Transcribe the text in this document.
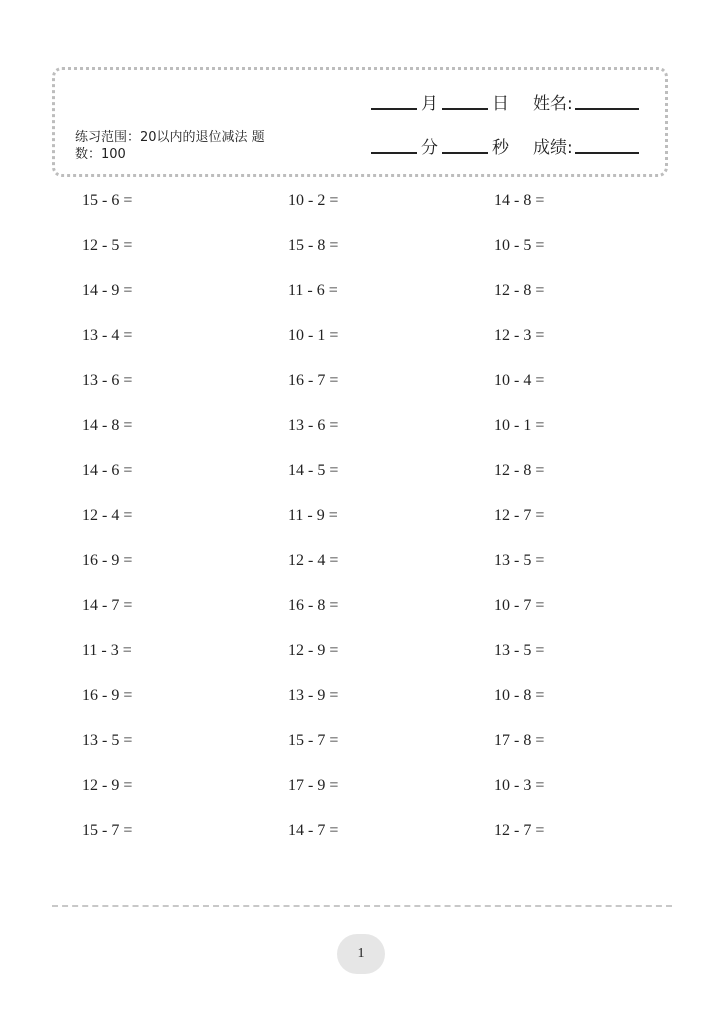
练习范围：20以内的退位减法 题数：100
月	日 姓名:
分	秒 成绩:
15 - 6 =	10 - 2 =	14 - 8 =
12 - 5 =	15 - 8 =	10 - 5 =
14 - 9 =	11 - 6 =	12 - 8 =
13 - 4 =	10 - 1 =	12 - 3 =
13 - 6 =	16 - 7 =	10 - 4 =
14 - 8 =	13 - 6 =	10 - 1 =
14 - 6 =	14 - 5 =	12 - 8 =
12 - 4 =	11 - 9 =	12 - 7 =
16 - 9 =	12 - 4 =	13 - 5 =
14 - 7 =	16 - 8 =	10 - 7 =
11 - 3 =	12 - 9 =	13 - 5 =
16 - 9 =	13 - 9 =	10 - 8 =
13 - 5 =	15 - 7 =	17 - 8 =
12 - 9 =	17 - 9 =	10 - 3 =
15 - 7 =	14 - 7 =	12 - 7 =
1
